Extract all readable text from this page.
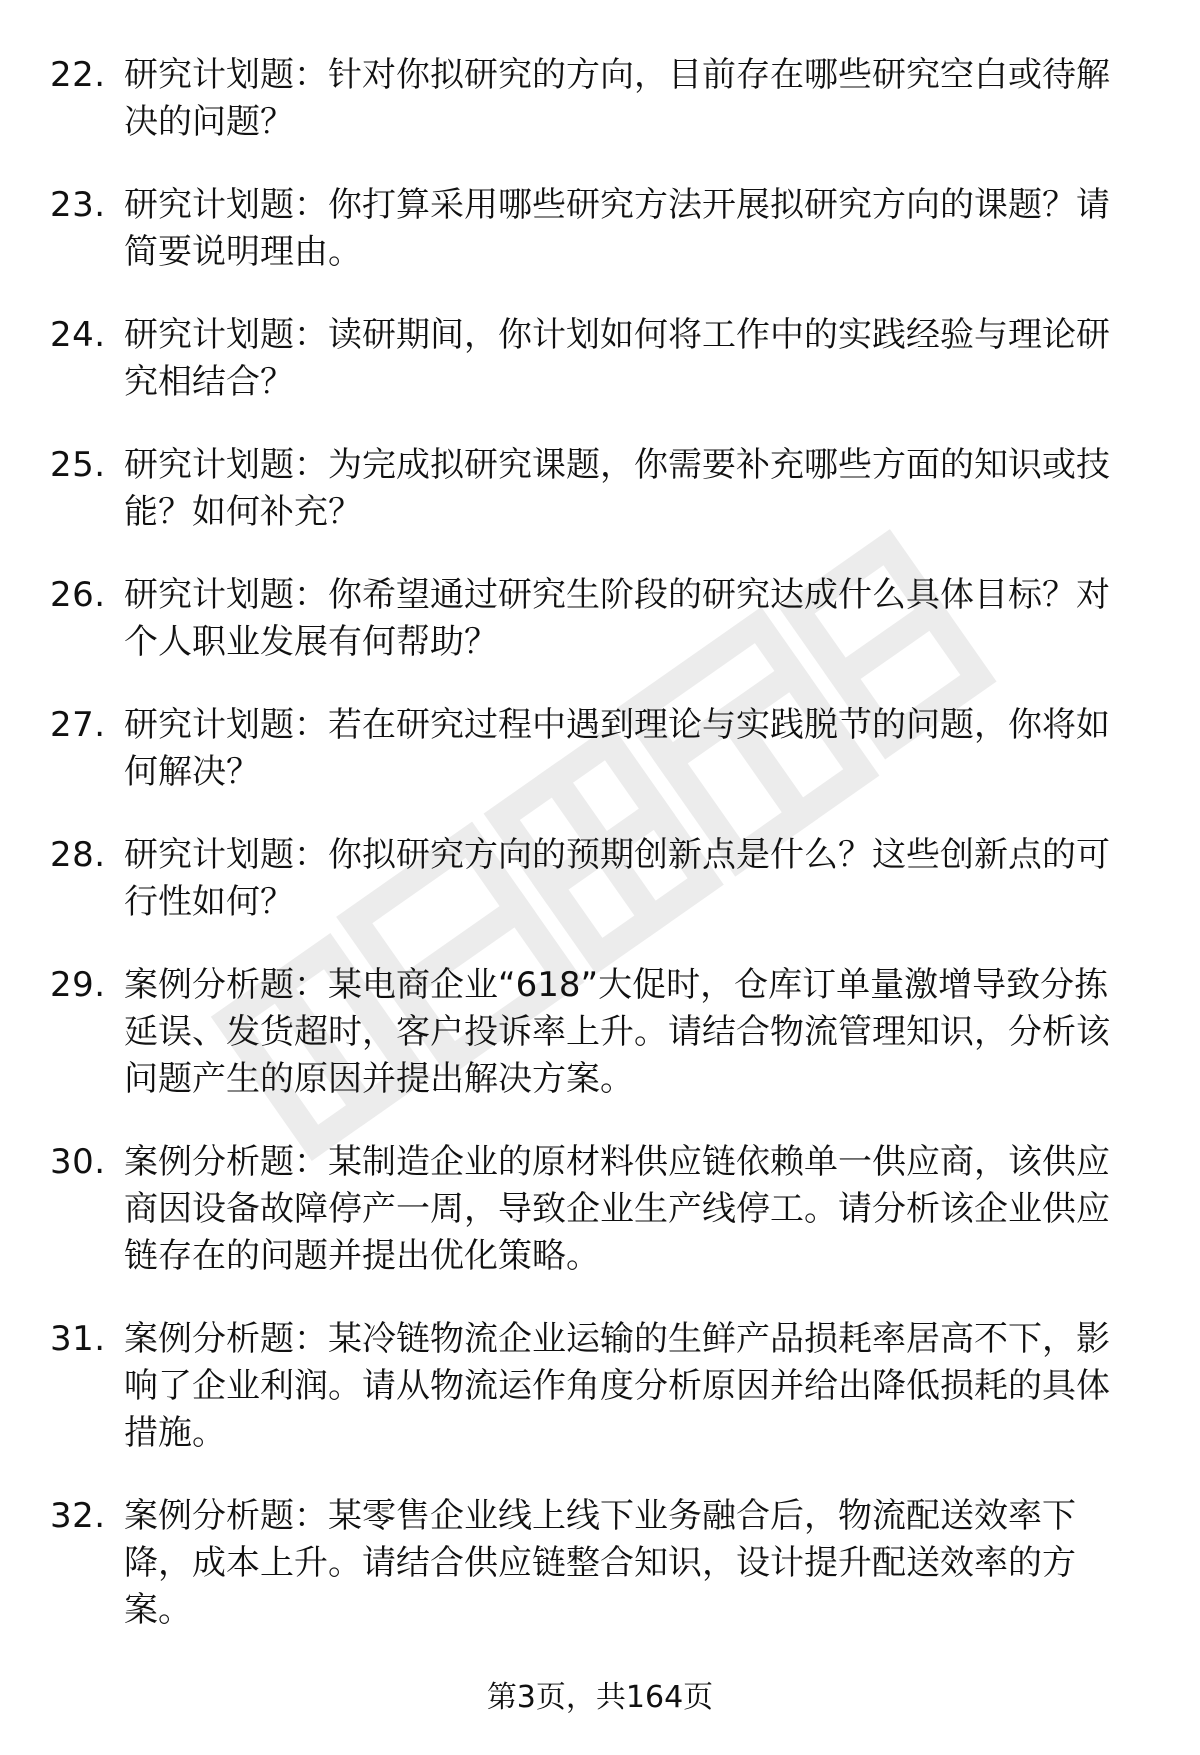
22. 研究计划题：针对你拟研究的方向，目前存在哪些研究空白或待解决的问题？
23. 研究计划题：你打算采用哪些研究方法开展拟研究方向的课题？请简要说明理由。
24. 研究计划题：读研期间，你计划如何将工作中的实践经验与理论研究相结合？
25. 研究计划题：为完成拟研究课题，你需要补充哪些方面的知识或技能？如何补充？
26. 研究计划题：你希望通过研究生阶段的研究达成什么具体目标？对个人职业发展有何帮助？
27. 研究计划题：若在研究过程中遇到理论与实践脱节的问题，你将如何解决？
28. 研究计划题：你拟研究方向的预期创新点是什么？这些创新点的可行性如何？
29. 案例分析题：某电商企业“618”大促时，仓库订单量激增导致分拣延误、发货超时，客户投诉率上升。请结合物流管理知识，分析该问题产生的原因并提出解决方案。
30. 案例分析题：某制造企业的原材料供应链依赖单一供应商，该供应商因设备故障停产一周，导致企业生产线停工。请分析该企业供应链存在的问题并提出优化策略。
31. 案例分析题：某冷链物流企业运输的生鲜产品损耗率居高不下，影响了企业利润。请从物流运作角度分析原因并给出降低损耗的具体措施。
32. 案例分析题：某零售企业线上线下业务融合后，物流配送效率下降，成本上升。请结合供应链整合知识，设计提升配送效率的方案。
第3页，共164页
